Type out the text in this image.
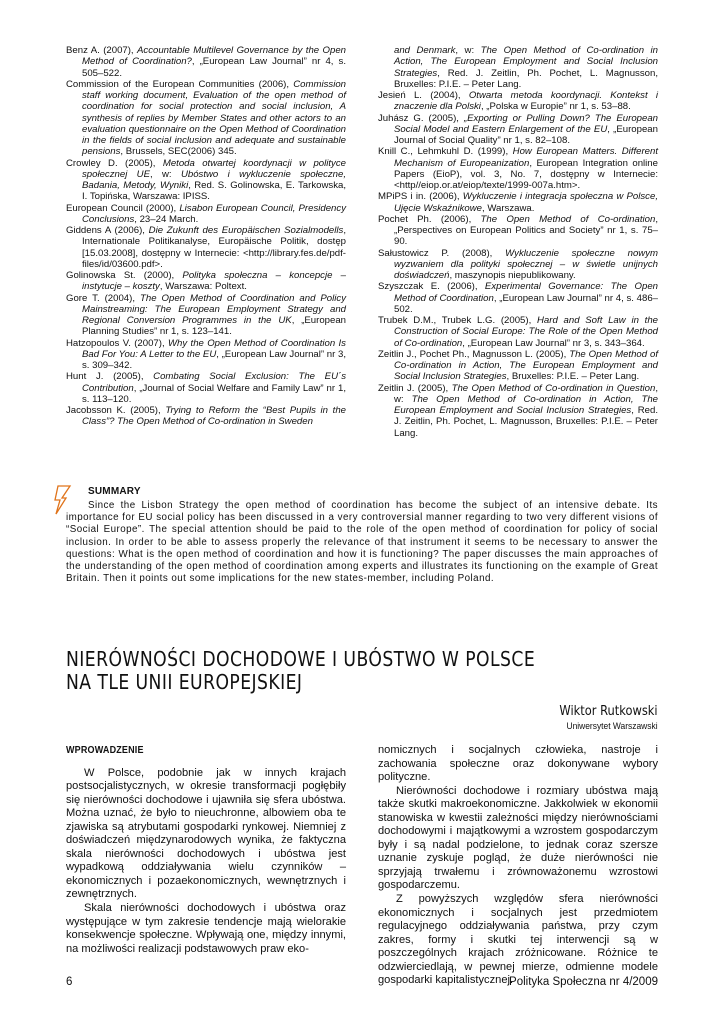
Benz A. (2007), Accountable Multilevel Governance by the Open Method of Coordination?, „European Law Journal” nr 4, s. 505–522.

Commission of the European Communities (2006), Commission staff working document, Evaluation of the open method of coordination for social protection and social inclusion, A synthesis of replies by Member States and other actors to an evaluation questionnaire on the Open Method of Coordination in the fields of social inclusion and adequate and sustainable pensions, Brussels, SEC(2006) 345.

Crowley D. (2005), Metoda otwartej koordynacji w polityce społecznej UE, w: Ubóstwo i wykluczenie społeczne, Badania, Metody, Wyniki, Red. S. Golinowska, E. Tarkowska, I. Topińska, Warszawa: IPISS.

European Council (2000), Lisabon European Council, Presidency Conclusions, 23–24 March.

Giddens A (2006), Die Zukunft des Europäischen Sozialmodells, Internationale Politikanalyse, Europäische Politik, dostęp [15.03.2008], dostępny w Internecie: <http://library.fes.de/pdf-files/id/03600.pdf>.

Golinowska St. (2000), Polityka społeczna – koncepcje – instytucje – koszty, Warszawa: Poltext.

Gore T. (2004), The Open Method of Coordination and Policy Mainstreaming: The European Employment Strategy and Regional Conversion Programmes in the UK, „European Planning Studies” nr 1, s. 123–141.

Hatzopoulos V. (2007), Why the Open Method of Coordination Is Bad For You: A Letter to the EU, „European Law Journal” nr 3, s. 309–342.

Hunt J. (2005), Combating Social Exclusion: The EU´s Contribution, „Journal of Social Welfare and Family Law” nr 1, s. 113–120.

Jacobsson K. (2005), Trying to Reform the “Best Pupils in the Class”? The Open Method of Co-ordination in Sweden

and Denmark, w: The Open Method of Co-ordination in Action, The European Employment and Social Inclusion Strategies, Red. J. Zeitlin, Ph. Pochet, L. Magnusson, Bruxelles: P.I.E. – Peter Lang.

Jesień L. (2004), Otwarta metoda koordynacji. Kontekst i znaczenie dla Polski, „Polska w Europie” nr 1, s. 53–88.

Juhász G. (2005), „Exporting or Pulling Down? The European Social Model and Eastern Enlargement of the EU, „European Journal of Social Quality” nr 1, s. 82–108.

Knill C., Lehmkuhl D. (1999), How European Matters. Different Mechanism of Europeanization, European Integration online Papers (EioP), vol. 3, No. 7, dostępny w Internecie: <http//eiop.or.at/eiop/texte/1999-007a.htm>.

MPiPS i in. (2006), Wykluczenie i integracja społeczna w Polsce, Ujęcie Wskaźnikowe, Warszawa.

Pochet Ph. (2006), The Open Method of Co-ordination, „Perspectives on European Politics and Society” nr 1, s. 75–90.

Sałustowicz P. (2008), Wykluczenie społeczne nowym wyzwaniem dla polityki społecznej – w świetle unijnych doświadczeń, maszynopis niepublikowany.

Szyszczak E. (2006), Experimental Governance: The Open Method of Coordination, „European Law Journal” nr 4, s. 486–502.

Trubek D.M., Trubek L.G. (2005), Hard and Soft Law in the Construction of Social Europe: The Role of the Open Method of Co-ordination, „European Law Journal” nr 3, s. 343–364.

Zeitlin J., Pochet Ph., Magnusson L. (2005), The Open Method of Co-ordination in Action, The European Employment and Social Inclusion Strategies, Bruxelles: P.I.E. – Peter Lang.

Zeitlin J. (2005), The Open Method of Co-ordination in Question, w: The Open Method of Co-ordination in Action, The European Employment and Social Inclusion Strategies, Red. J. Zeitlin, Ph. Pochet, L. Magnusson, Bruxelles: P.I.E. – Peter Lang.

SUMMARY

Since the Lisbon Strategy the open method of coordination has become the subject of an intensive debate. Its importance for EU social policy has been discussed in a very controversial manner regarding to two very different visions of “Social Europe”. The special attention should be paid to the role of the open method of coordination for policy of social inclusion. In order to be able to assess properly the relevance of that instrument it seems to be necessary to answer the questions: What is the open method of coordination and how it is functioning? The paper discusses the main approaches of the understanding of the open method of coordination among experts and illustrates its functioning on the example of Great Britain. Then it points out some implications for the new states-member, including Poland.

NIERÓWNOŚCI DOCHODOWE I UBÓSTWO W POLSCE
NA TLE UNII EUROPEJSKIEJ
Wiktor Rutkowski
Uniwersytet Warszawski
WPROWADZENIE

W Polsce, podobnie jak w innych krajach postsocjalistycznych, w okresie transformacji pogłębiły się nierówności dochodowe i ujawniła się sfera ubóstwa. Można uznać, że było to nieuchronne, albowiem oba te zjawiska są atrybutami gospodarki rynkowej. Niemniej z doświadczeń międzynarodowych wynika, że faktyczna skala nierówności dochodowych i ubóstwa jest wypadkową oddziaływania wielu czynników – ekonomicznych i pozaekonomicznych, wewnętrznych i zewnętrznych.

Skala nierówności dochodowych i ubóstwa oraz występujące w tym zakresie tendencje mają wielorakie konsekwencje społeczne. Wpływają one, między innymi, na możliwości realizacji podstawowych praw eko-

nomicznych i socjalnych człowieka, nastroje i zachowania społeczne oraz dokonywane wybory polityczne.

Nierówności dochodowe i rozmiary ubóstwa mają także skutki makroekonomiczne. Jakkolwiek w ekonomii stanowiska w kwestii zależności między nierównościami dochodowymi i majątkowymi a wzrostem gospodarczym były i są nadal podzielone, to jednak coraz szersze uznanie zyskuje pogląd, że duże nierówności nie sprzyjają trwałemu i zrównoważonemu wzrostowi gospodarczemu.

Z powyższych względów sfera nierówności ekonomicznych i socjalnych jest przedmiotem regulacyjnego oddziaływania państwa, przy czym zakres, formy i skutki tej interwencji są w poszczególnych krajach zróżnicowane. Różnice te odzwierciedlają, w pewnej mierze, odmienne modele gospodarki kapitalistycznej.

6	Polityka Społeczna nr 4/2009
